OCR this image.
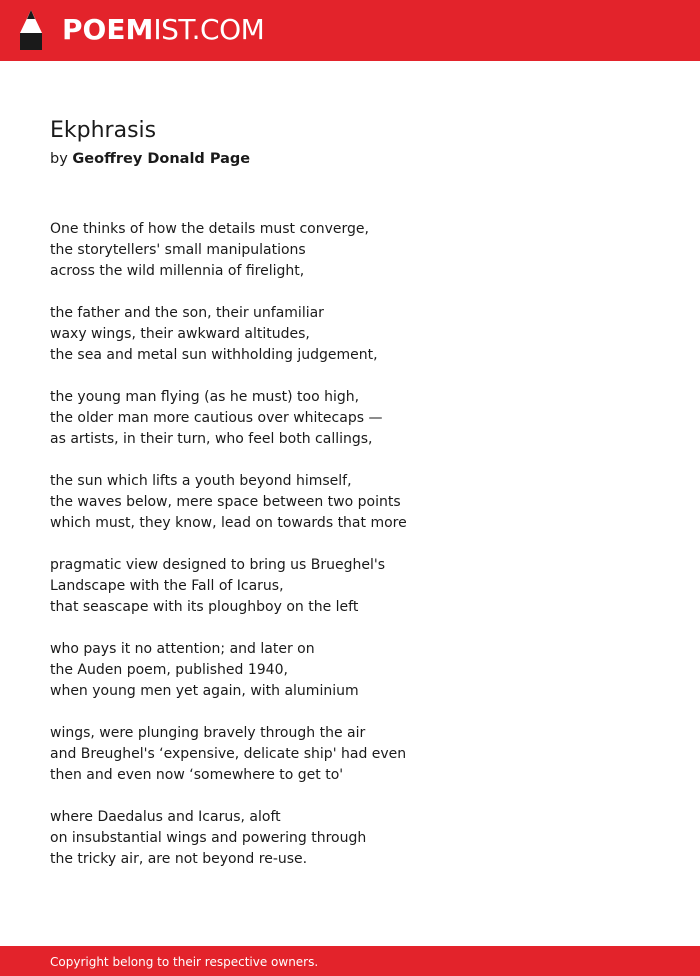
POEMIST.COM
Ekphrasis
by Geoffrey Donald Page
One thinks of how the details must converge,
the storytellers' small manipulations
across the wild millennia of firelight,
the father and the son, their unfamiliar
waxy wings, their awkward altitudes,
the sea and metal sun withholding judgement,
the young man flying (as he must) too high,
the older man more cautious over whitecaps —
as artists, in their turn, who feel both callings,
the sun which lifts a youth beyond himself,
the waves below, mere space between two points
which must, they know, lead on towards that more
pragmatic view designed to bring us Brueghel's
Landscape with the Fall of Icarus,
that seascape with its ploughboy on the left
who pays it no attention; and later on
the Auden poem, published 1940,
when young men yet again, with aluminium
wings, were plunging bravely through the air
and Breughel's ‘expensive, delicate ship' had even
then and even now ‘somewhere to get to'
where Daedalus and Icarus, aloft
on insubstantial wings and powering through
the tricky air, are not beyond re-use.
Copyright belong to their respective owners.
